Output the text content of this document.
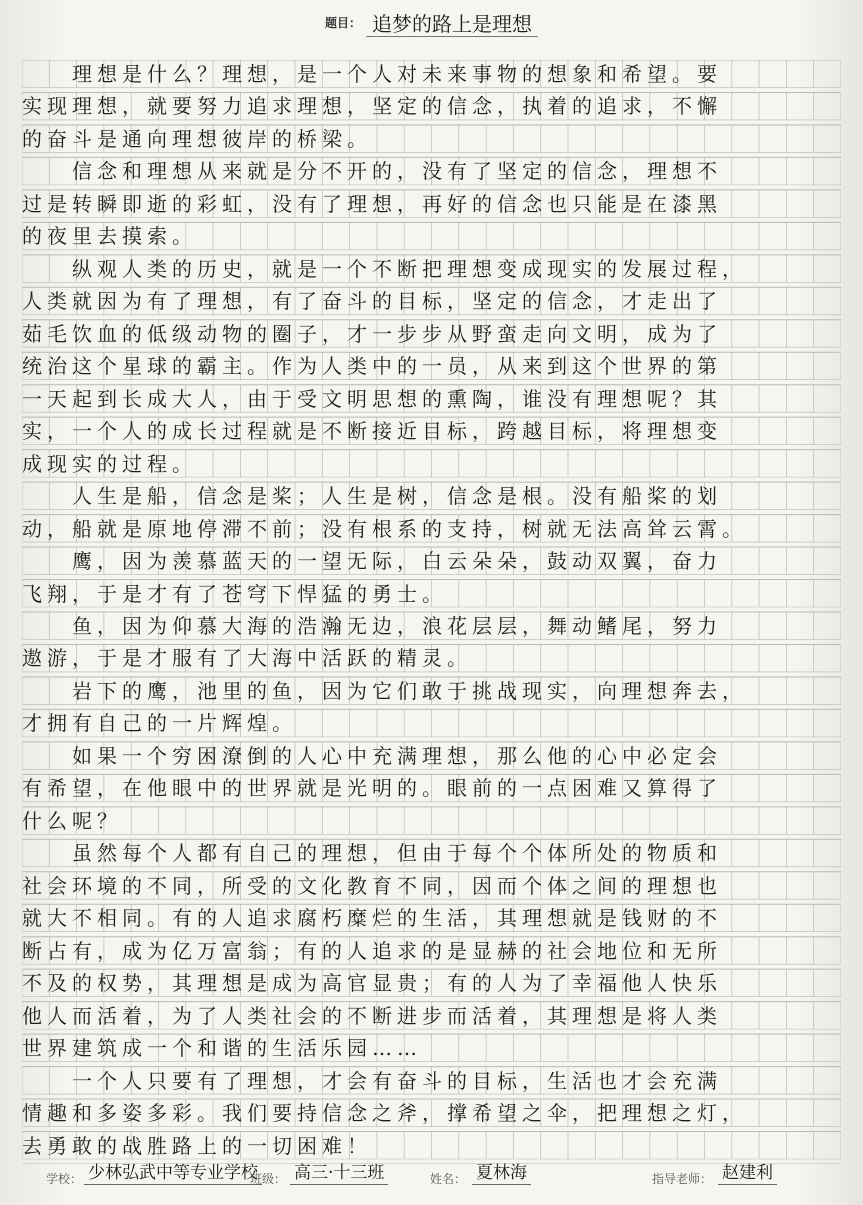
题目： 追梦的路上是理想
　　理想是什么？理想，是一个人对未来事物的想象和希望。要
实现理想，就要努力追求理想，坚定的信念，执着的追求，不懈
的奋斗是通向理想彼岸的桥梁。
　　信念和理想从来就是分不开的，没有了坚定的信念，理想不
过是转瞬即逝的彩虹，没有了理想，再好的信念也只能是在漆黑
的夜里去摸索。
　　纵观人类的历史，就是一个不断把理想变成现实的发展过程，
人类就因为有了理想，有了奋斗的目标，坚定的信念，才走出了
茹毛饮血的低级动物的圈子，才一步步从野蛮走向文明，成为了
统治这个星球的霸主。作为人类中的一员，从来到这个世界的第
一天起到长成大人，由于受文明思想的熏陶，谁没有理想呢？其
实，一个人的成长过程就是不断接近目标，跨越目标，将理想变
成现实的过程。
　　人生是船，信念是桨；人生是树，信念是根。没有船桨的划
动，船就是原地停滞不前；没有根系的支持，树就无法高耸云霄。
　　鹰，因为羡慕蓝天的一望无际，白云朵朵，鼓动双翼，奋力
飞翔，于是才有了苍穹下悍猛的勇士。
　　鱼，因为仰慕大海的浩瀚无边，浪花层层，舞动鳍尾，努力
遨游，于是才服有了大海中活跃的精灵。
　　岩下的鹰，池里的鱼，因为它们敢于挑战现实，向理想奔去，
才拥有自己的一片辉煌。
　　如果一个穷困潦倒的人心中充满理想，那么他的心中必定会
有希望，在他眼中的世界就是光明的。眼前的一点困难又算得了
什么呢？
　　虽然每个人都有自己的理想，但由于每个个体所处的物质和
社会环境的不同，所受的文化教育不同，因而个体之间的理想也
就大不相同。有的人追求腐朽糜烂的生活，其理想就是钱财的不
断占有，成为亿万富翁；有的人追求的是显赫的社会地位和无所
不及的权势，其理想是成为高官显贵；有的人为了幸福他人快乐
他人而活着，为了人类社会的不断进步而活着，其理想是将人类
世界建筑成一个和谐的生活乐园……
　　一个人只要有了理想，才会有奋斗的目标，生活也才会充满
情趣和多姿多彩。我们要持信念之斧，撑希望之伞，把理想之灯，
去勇敢的战胜路上的一切困难！
学校： 少林弘武中等专业学校
班级： 高三·十三班	姓名： 夏林海	指导老师： 赵建利
